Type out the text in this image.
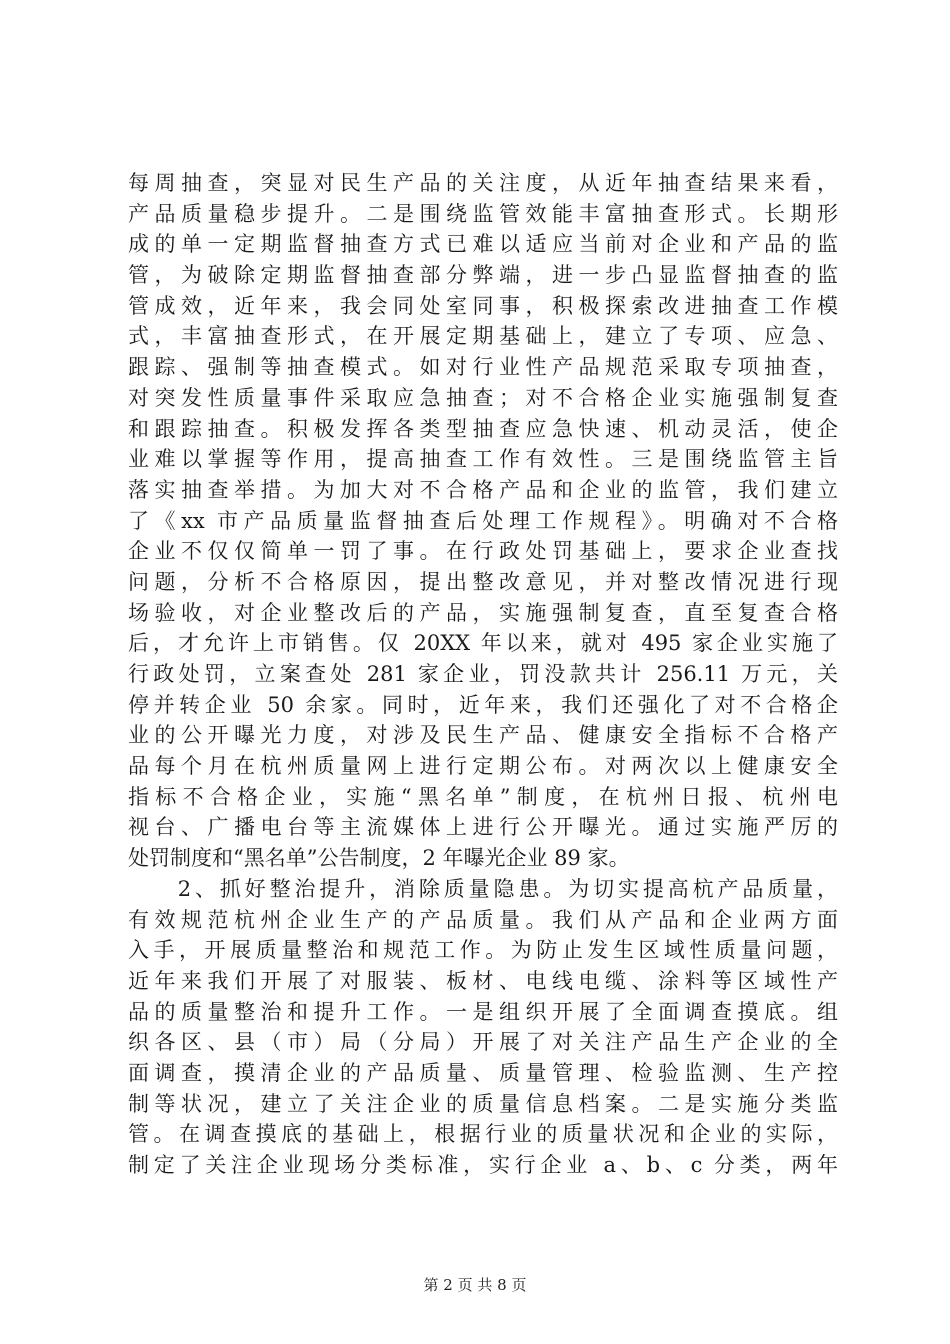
每周抽查，突显对民生产品的关注度，从近年抽查结果来看，
产品质量稳步提升。二是围绕监管效能丰富抽查形式。长期形
成的单一定期监督抽查方式已难以适应当前对企业和产品的监
管，为破除定期监督抽查部分弊端，进一步凸显监督抽查的监
管成效，近年来，我会同处室同事，积极探索改进抽查工作模
式，丰富抽查形式，在开展定期基础上，建立了专项、应急、
跟踪、强制等抽查模式。如对行业性产品规范采取专项抽查，
对突发性质量事件采取应急抽查；对不合格企业实施强制复查
和跟踪抽查。积极发挥各类型抽查应急快速、机动灵活，使企
业难以掌握等作用，提高抽查工作有效性。三是围绕监管主旨
落实抽查举措。为加大对不合格产品和企业的监管，我们建立
了《xx 市产品质量监督抽查后处理工作规程》。明确对不合格
企业不仅仅简单一罚了事。在行政处罚基础上，要求企业查找
问题，分析不合格原因，提出整改意见，并对整改情况进行现
场验收，对企业整改后的产品，实施强制复查，直至复查合格
后，才允许上市销售。仅 20XX 年以来，就对 495 家企业实施了
行政处罚，立案查处 281 家企业，罚没款共计 256.11 万元，关
停并转企业 50 余家。同时，近年来，我们还强化了对不合格企
业的公开曝光力度，对涉及民生产品、健康安全指标不合格产
品每个月在杭州质量网上进行定期公布。对两次以上健康安全
指标不合格企业，实施“黑名单”制度，在杭州日报、杭州电
视台、广播电台等主流媒体上进行公开曝光。通过实施严厉的
处罚制度和“黑名单”公告制度，2 年曝光企业 89 家。
　　2、抓好整治提升，消除质量隐患。为切实提高杭产品质量，
有效规范杭州企业生产的产品质量。我们从产品和企业两方面
入手，开展质量整治和规范工作。为防止发生区域性质量问题，
近年来我们开展了对服装、板材、电线电缆、涂料等区域性产
品的质量整治和提升工作。一是组织开展了全面调查摸底。组
织各区、县（市）局（分局）开展了对关注产品生产企业的全
面调查，摸清企业的产品质量、质量管理、检验监测、生产控
制等状况，建立了关注企业的质量信息档案。二是实施分类监
管。在调查摸底的基础上，根据行业的质量状况和企业的实际，
制定了关注企业现场分类标准，实行企业 a、b、c 分类，两年
第 2 页 共 8 页
